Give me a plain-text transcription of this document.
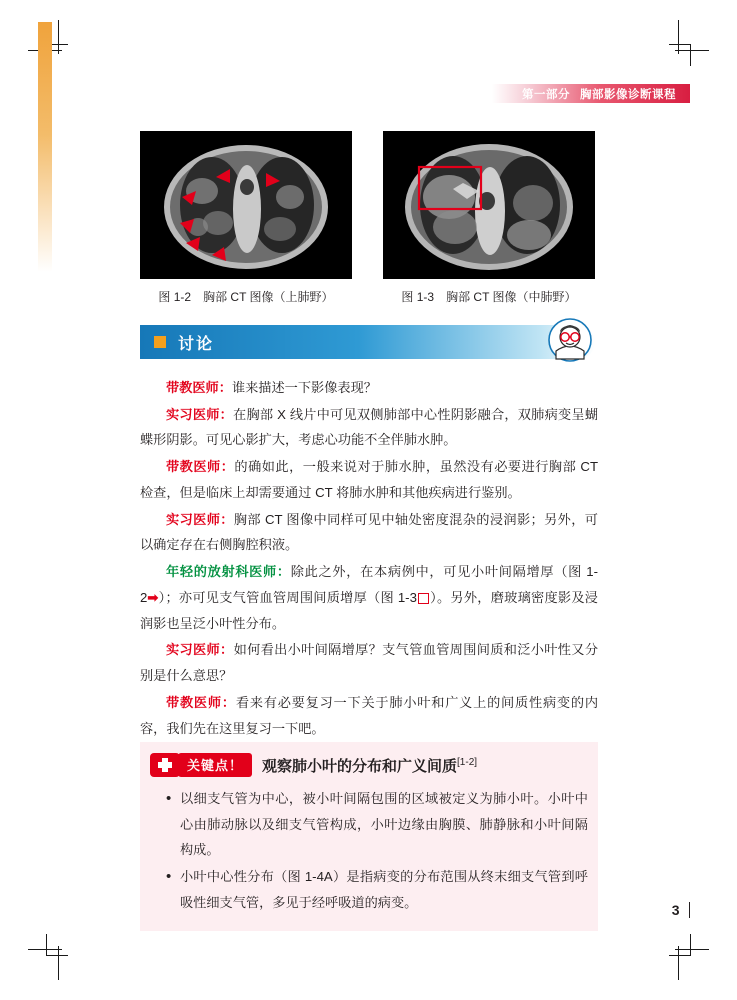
第一部分 胸部影像诊断课程
图 1-2　胸部 CT 图像（上肺野）	图 1-3　胸部 CT 图像（中肺野）
讨论

带教医师：谁来描述一下影像表现？

实习医师：在胸部 X 线片中可见双侧肺部中心性阴影融合，双肺病变呈蝴蝶形阴影。可见心影扩大，考虑心功能不全伴肺水肿。

带教医师：的确如此，一般来说对于肺水肿，虽然没有必要进行胸部 CT 检查，但是临床上却需要通过 CT 将肺水肿和其他疾病进行鉴别。

实习医师：胸部 CT 图像中同样可见中轴处密度混杂的浸润影；另外，可以确定存在右侧胸腔积液。

年轻的放射科医师：除此之外，在本病例中，可见小叶间隔增厚（图 1-2➡）；亦可见支气管血管周围间质增厚（图 1-3 ）。另外，磨玻璃密度影及浸润影也呈泛小叶性分布。

实习医师：如何看出小叶间隔增厚？支气管血管周围间质和泛小叶性又分别是什么意思？

带教医师：看来有必要复习一下关于肺小叶和广义上的间质性病变的内容，我们先在这里复习一下吧。

关键点！	观察肺小叶的分布和广义间质[1-2]
• 以细支气管为中心，被小叶间隔包围的区域被定义为肺小叶。小叶中心由肺动脉以及细支气管构成，小叶边缘由胸膜、肺静脉和小叶间隔构成。
• 小叶中心性分布（图 1-4A）是指病变的分布范围从终末细支气管到呼吸性细支气管，多见于经呼吸道的病变。	3
